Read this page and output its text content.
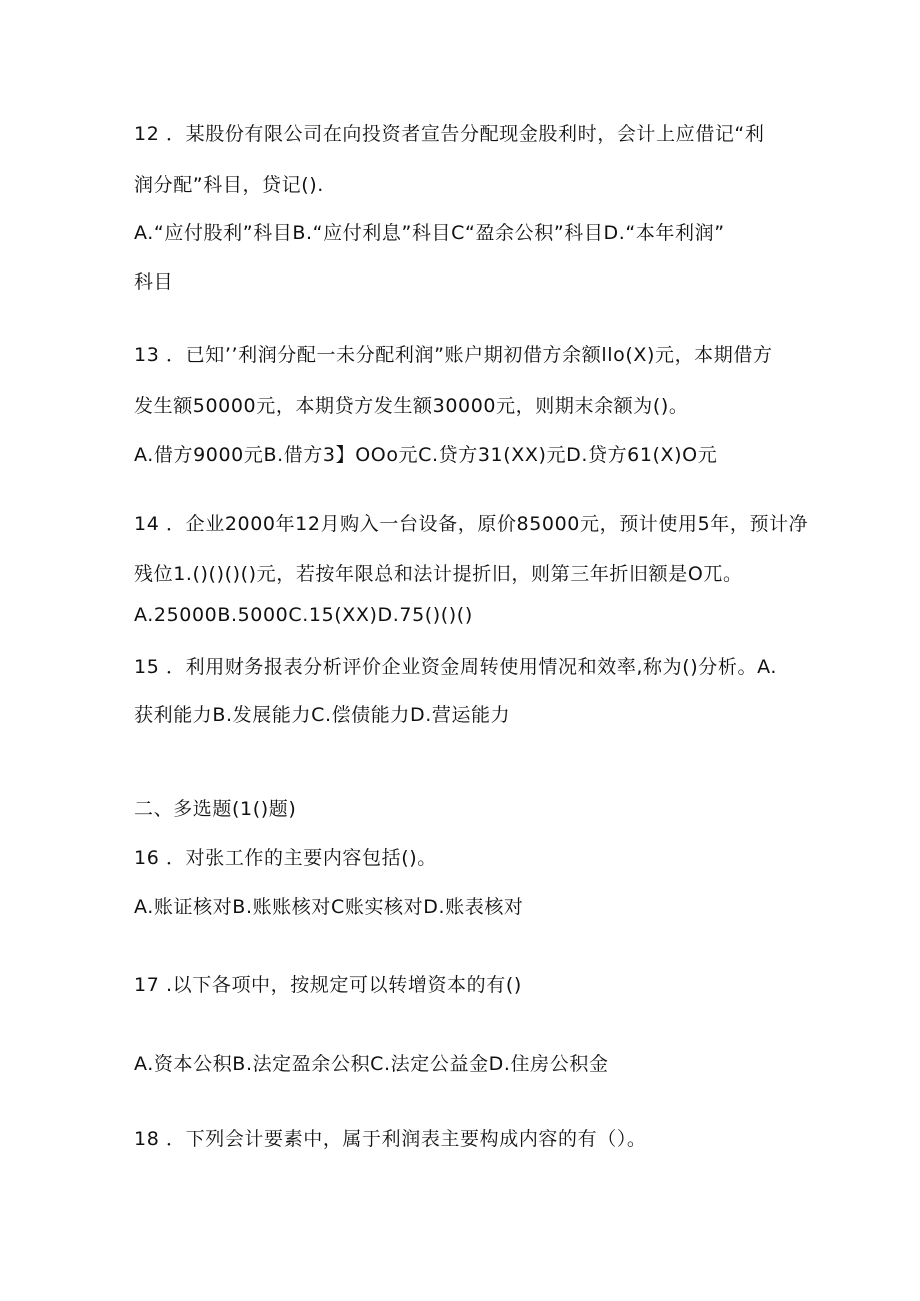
12 ．某股份有限公司在向投资者宣告分配现金股利时，会计上应借记“利
润分配”科目，贷记().
A.“应付股利”科目B.“应付利息”科目C“盈余公积”科目D.“本年利润”
科目
13 ．已知’’利润分配一未分配利润”账户期初借方余额llo(X)元，本期借方
发生额50000元，本期贷方发生额30000元，则期末余额为()。
A.借方9000元B.借方3】OOo元C.贷方31(XX)元D.贷方61(X)O元
14 ．企业2000年12月购入一台设备，原价85000元，预计使用5年，预计净
残位1.()()()()元，若按年限总和法计提折旧，则第三年折旧额是O兀。
A.25000B.5000C.15(XX)D.75()()()
15 ．利用财务报表分析评价企业资金周转使用情况和效率,称为()分析。A.
获利能力B.发展能力C.偿债能力D.营运能力
二、多选题(1()题)
16 ．对张工作的主要内容包括()。
A.账证核对B.账账核对C账实核对D.账表核对
17 .以下各项中，按规定可以转增资本的有()
A.资本公积B.法定盈余公积C.法定公益金D.住房公积金
18 ．下列会计要素中，属于利润表主要构成内容的有（）。
